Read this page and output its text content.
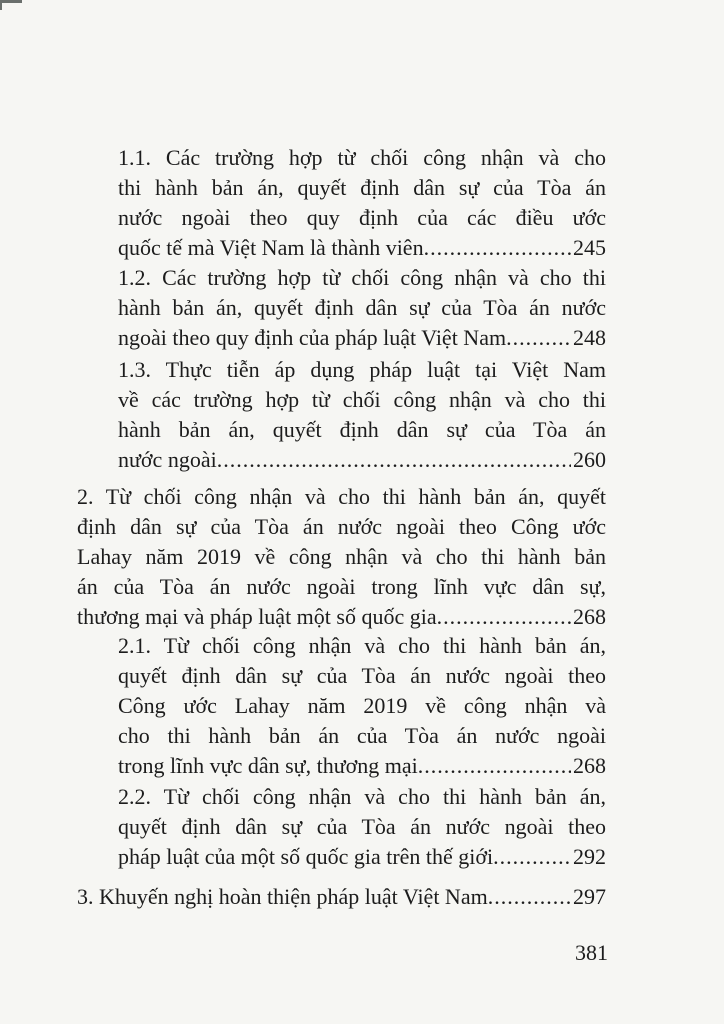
1.1. Các trường hợp từ chối công nhận và cho
thi hành bản án, quyết định dân sự của Tòa án
nước ngoài theo quy định của các điều ước
quốc tế mà Việt Nam là thành viên .....	245
1.2. Các trường hợp từ chối công nhận và cho thi
hành bản án, quyết định dân sự của Tòa án nước
ngoài theo quy định của pháp luật Việt Nam .....	248
1.3. Thực tiễn áp dụng pháp luật tại Việt Nam
về các trường hợp từ chối công nhận và cho thi
hành bản án, quyết định dân sự của Tòa án
nước ngoài .....	260
2. Từ chối công nhận và cho thi hành bản án, quyết
định dân sự của Tòa án nước ngoài theo Công ước
Lahay năm 2019 về công nhận và cho thi hành bản
án của Tòa án nước ngoài trong lĩnh vực dân sự,
thương mại và pháp luật một số quốc gia .....	268
2.1. Từ chối công nhận và cho thi hành bản án,
quyết định dân sự của Tòa án nước ngoài theo
Công ước Lahay năm 2019 về công nhận và
cho thi hành bản án của Tòa án nước ngoài
trong lĩnh vực dân sự, thương mại .....	268
2.2. Từ chối công nhận và cho thi hành bản án,
quyết định dân sự của Tòa án nước ngoài theo
pháp luật của một số quốc gia trên thế giới .....	292
3. Khuyến nghị hoàn thiện pháp luật Việt Nam .....	297
381
